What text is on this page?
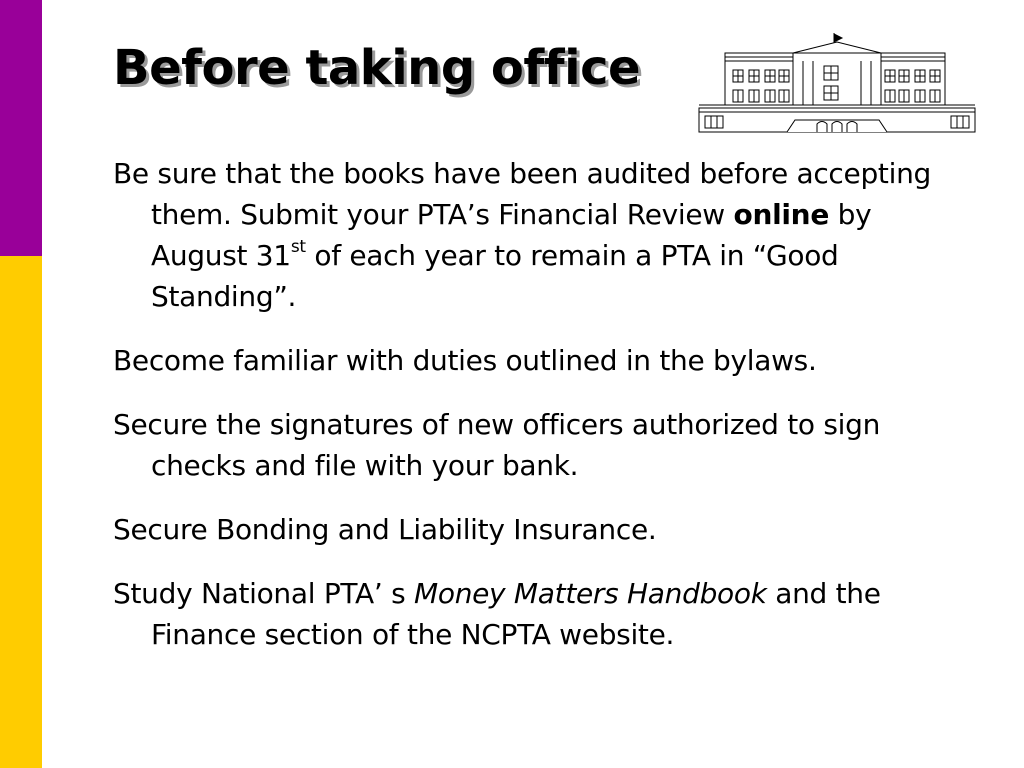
Before taking office

Be sure that the books have been audited before accepting them. Submit your PTA’s Financial Review online by August 31st of each year to remain a PTA in “Good Standing”.

Become familiar with duties outlined in the bylaws.

Secure the signatures of new officers authorized to sign checks and file with your bank.

Secure Bonding and Liability Insurance.

Study National PTA’ s Money Matters Handbook and the Finance section of the NCPTA website.
